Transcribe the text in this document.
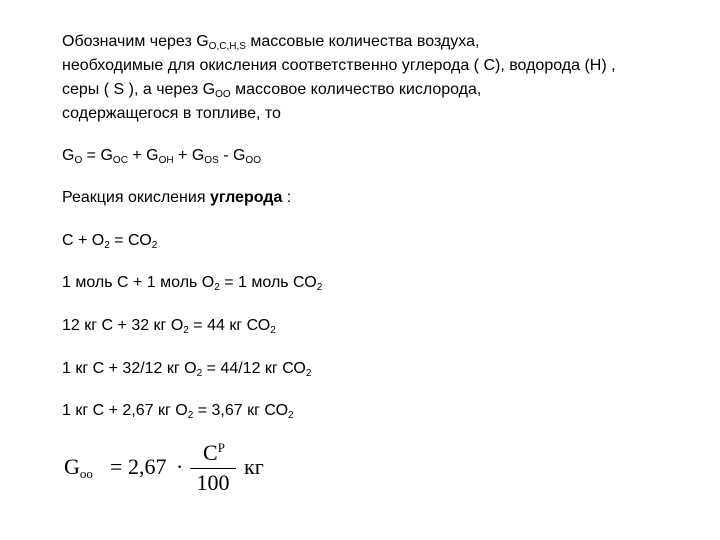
Обозначим через $G_{O,C,H,S}$ массовые количества воздуха,
необходимые для окисления соответственно углерода ( С), водорода (Н) ,
серы ( S ), а через $G_{OO}$ массовое количество кислорода,
содержащегося в топливе, то
$G_O = G_{OC} + G_{OH} + G_{OS} - G_{OO}$
Реакция окисления углерода :
$С + О_2 = СО_2$
1 моль С + 1 моль $О_2 = 1$ моль $СО_2$
12 кг С + 32 кг $О_2 = 44$ кг $СО_2$
1 кг С + 32/12 кг $О_2 = 44/12$ кг $СО_2$
1 кг С + 2,67 кг $О_2 = 3,67$ кг $СО_2$
$G_{oo} = 2,67$ ·
$C^P$
100
кг
